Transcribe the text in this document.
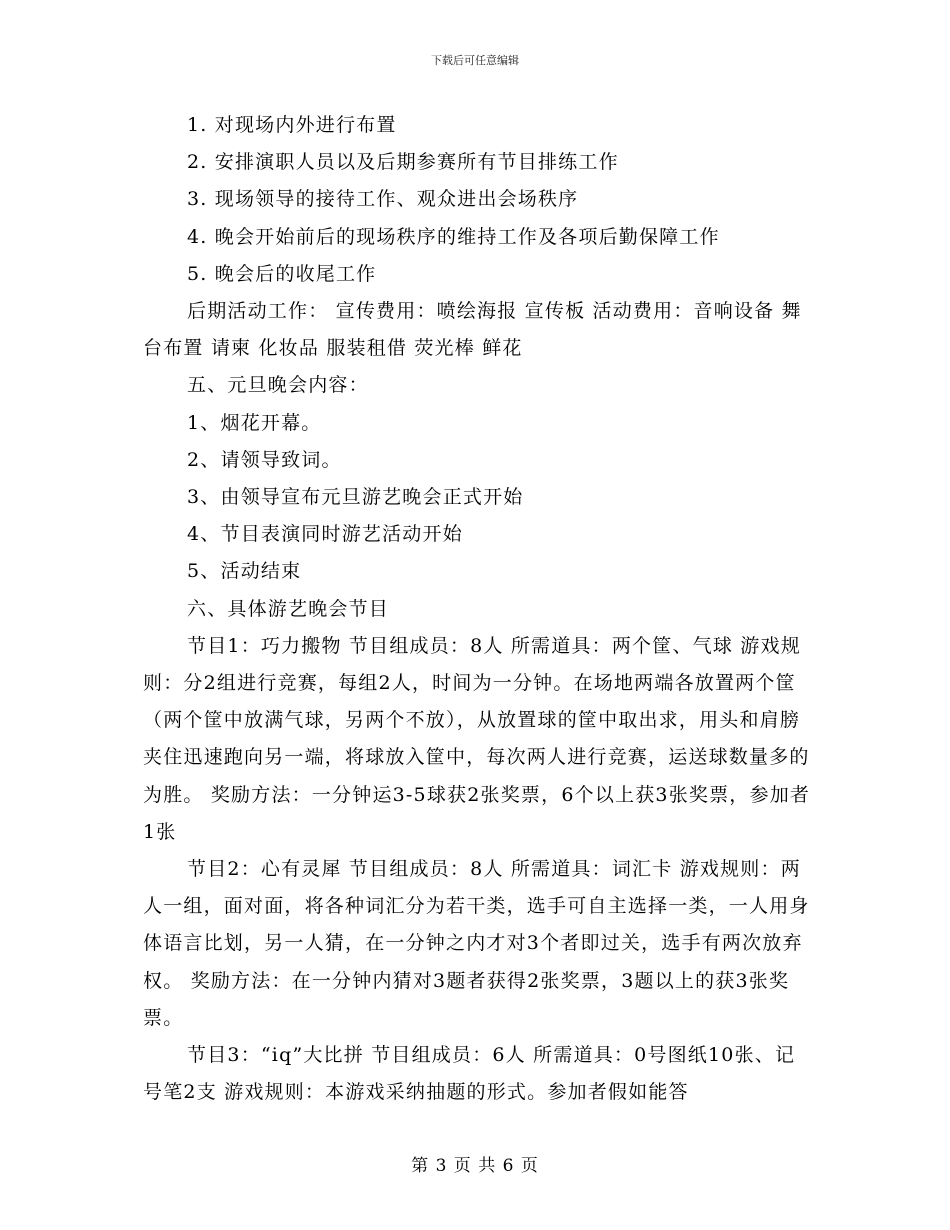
下载后可任意编辑

1. 对现场内外进行布置

2. 安排演职人员以及后期参赛所有节目排练工作

3. 现场领导的接待工作、观众进出会场秩序

4. 晚会开始前后的现场秩序的维持工作及各项后勤保障工作

5. 晚会后的收尾工作

后期活动工作： 宣传费用：喷绘海报 宣传板 活动费用：音响设备 舞台布置 请柬 化妆品 服装租借 荧光棒 鲜花

五、元旦晚会内容：

1、烟花开幕。

2、请领导致词。

3、由领导宣布元旦游艺晚会正式开始

4、节目表演同时游艺活动开始

5、活动结束

六、具体游艺晚会节目

节目1：巧力搬物 节目组成员：8人 所需道具：两个筐、气球 游戏规则：分2组进行竞赛，每组2人，时间为一分钟。在场地两端各放置两个筐（两个筐中放满气球，另两个不放），从放置球的筐中取出求，用头和肩膀夹住迅速跑向另一端，将球放入筐中，每次两人进行竞赛，运送球数量多的为胜。 奖励方法：一分钟运3-5球获2张奖票，6个以上获3张奖票，参加者1张

节目2：心有灵犀 节目组成员：8人 所需道具：词汇卡 游戏规则：两人一组，面对面，将各种词汇分为若干类，选手可自主选择一类，一人用身体语言比划，另一人猜，在一分钟之内才对3个者即过关，选手有两次放弃权。 奖励方法：在一分钟内猜对3题者获得2张奖票，3题以上的获3张奖票。

节目3：“iq”大比拼 节目组成员：6人 所需道具：0号图纸10张、记号笔2支 游戏规则：本游戏采纳抽题的形式。参加者假如能答

第 3 页 共 6 页
